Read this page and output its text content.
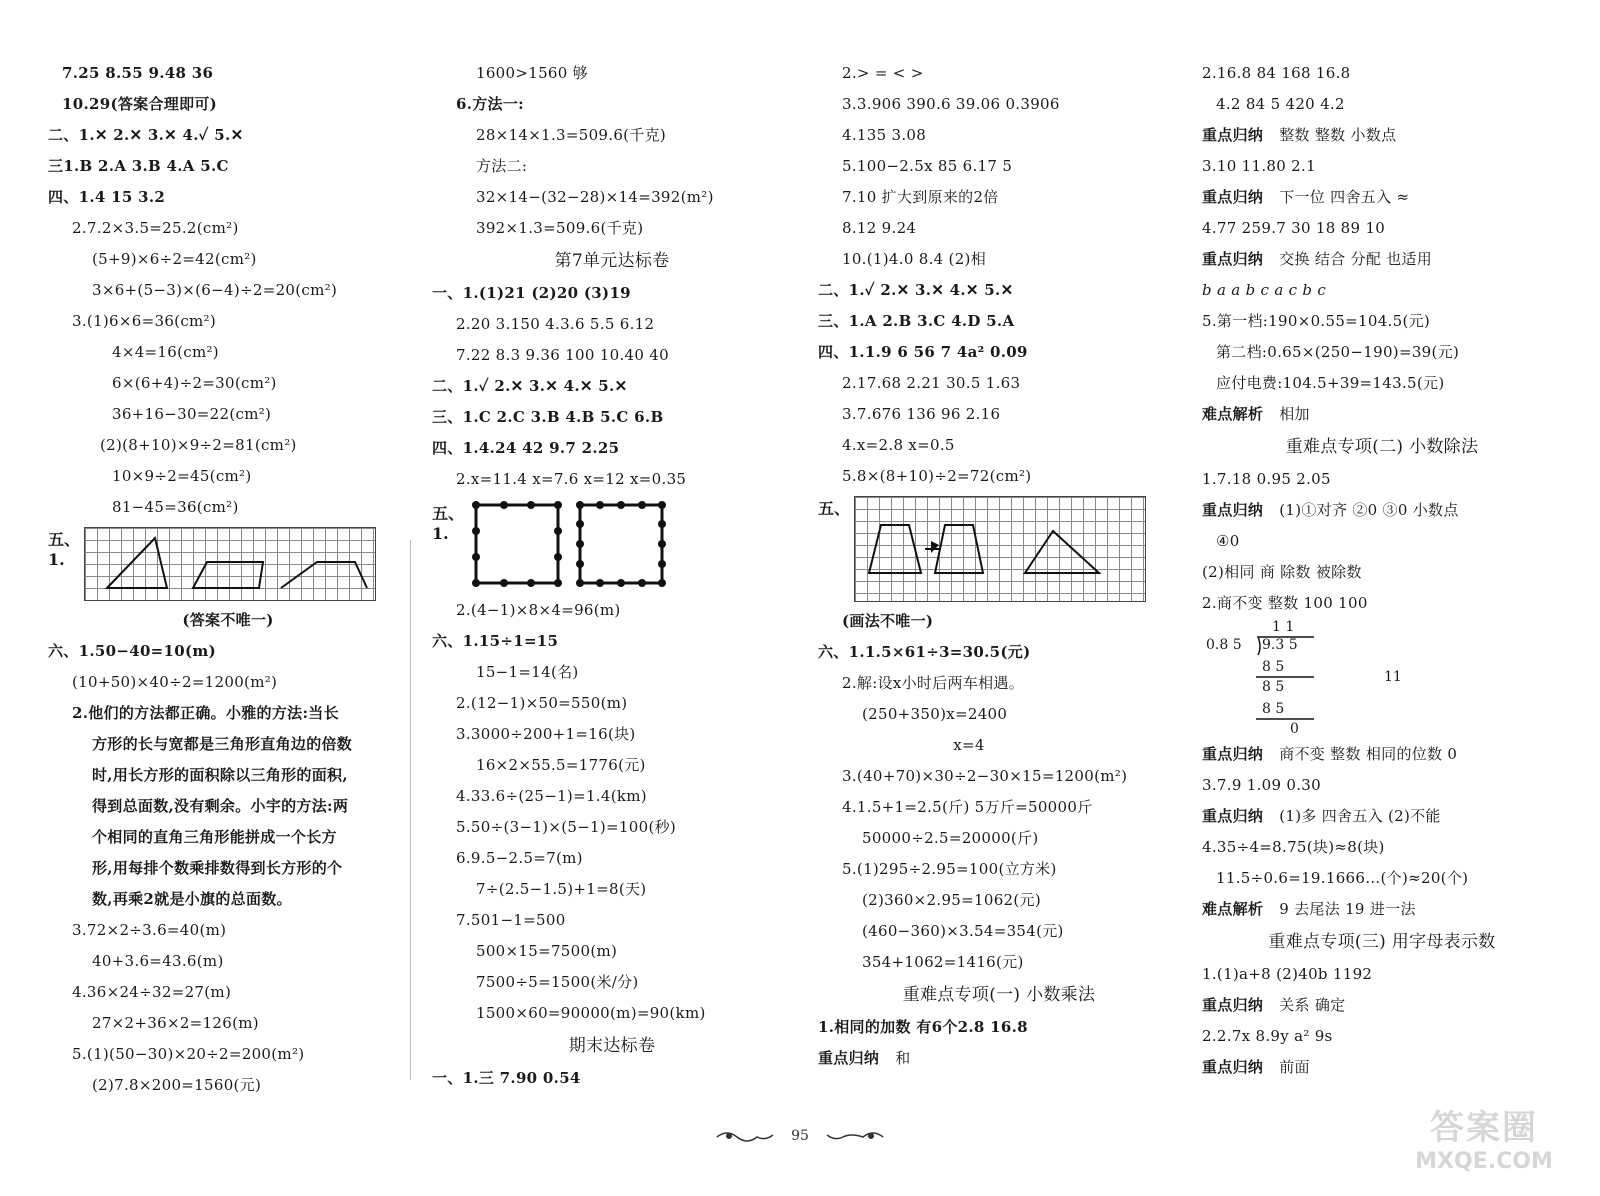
7.25 8.55 9.48 36
10.29(答案合理即可)
二、1.✕ 2.✕ 3.✕ 4.✓ 5.✕
三1.B 2.A 3.B 4.A 5.C
四、1.4 15 3.2
2.7.2×3.5=25.2(cm²)
(5+9)×6÷2=42(cm²)
3×6+(5−3)×(6−4)÷2=20(cm²)
3.(1)6×6=36(cm²)
4×4=16(cm²)
6×(6+4)÷2=30(cm²)
36+16−30=22(cm²)
(2)(8+10)×9÷2=81(cm²)
10×9÷2=45(cm²)
81−45=36(cm²)
五、1.
(答案不唯一)
六、1.50−40=10(m)
(10+50)×40÷2=1200(m²)
2.他们的方法都正确。小雅的方法:当长
方形的长与宽都是三角形直角边的倍数
时,用长方形的面积除以三角形的面积,
得到总面数,没有剩余。小宇的方法:两
个相同的直角三角形能拼成一个长方
形,用每排个数乘排数得到长方形的个
数,再乘2就是小旗的总面数。
3.72×2÷3.6=40(m)
40+3.6=43.6(m)
4.36×24÷32=27(m)
27×2+36×2=126(m)
5.(1)(50−30)×20÷2=200(m²)
(2)7.8×200=1560(元)
1600>1560 够
6.方法一:
28×14×1.3=509.6(千克)
方法二:
32×14−(32−28)×14=392(m²)
392×1.3=509.6(千克)
第7单元达标卷
一、1.(1)21 (2)20 (3)19
2.20 3.150 4.3.6 5.5 6.12
7.22 8.3 9.36 100 10.40 40
二、1.✓ 2.✕ 3.✕ 4.✕ 5.✕
三、1.C 2.C 3.B 4.B 5.C 6.B
四、1.4.24 42 9.7 2.25
2.x=11.4 x=7.6 x=12 x=0.35
五、1.
2.(4−1)×8×4=96(m)
六、1.15÷1=15
15−1=14(名)
2.(12−1)×50=550(m)
3.3000÷200+1=16(块)
16×2×55.5=1776(元)
4.33.6÷(25−1)=1.4(km)
5.50÷(3−1)×(5−1)=100(秒)
6.9.5−2.5=7(m)
7÷(2.5−1.5)+1=8(天)
7.501−1=500
500×15=7500(m)
7500÷5=1500(米/分)
1500×60=90000(m)=90(km)
期末达标卷
一、1.三 7.90 0.54
2.> = < >
3.3.906 390.6 39.06 0.3906
4.135 3.08
5.100−2.5x 85 6.17 5
7.10 扩大到原来的2倍
8.12 9.24
10.(1)4.0 8.4 (2)相
二、1.✓ 2.✕ 3.✕ 4.✕ 5.✕
三、1.A 2.B 3.C 4.D 5.A
四、1.1.9 6 56 7 4a² 0.09
2.17.68 2.21 30.5 1.63
3.7.676 136 96 2.16
4.x=2.8 x=0.5
5.8×(8+10)÷2=72(cm²)
五、
(画法不唯一)
六、1.1.5×61÷3=30.5(元)
2.解:设x小时后两车相遇。
(250+350)x=2400
x=4
3.(40+70)×30÷2−30×15=1200(m²)
4.1.5+1=2.5(斤) 5万斤=50000斤
50000÷2.5=20000(斤)
5.(1)295÷2.95=100(立方米)
(2)360×2.95=1062(元)
(460−360)×3.54=354(元)
354+1062=1416(元)
重难点专项(一) 小数乘法
1.相同的加数 有6个2.8 16.8
重点归纳 和
2.16.8 84 168 16.8
4.2 84 5 420 4.2
重点归纳 整数 整数 小数点
3.10 11.80 2.1
重点归纳 下一位 四舍五入 ≈
4.77 259.7 30 18 89 10
重点归纳 交换 结合 分配 也适用
b a a b c a c b c
5.第一档:190×0.55=104.5(元)
第二档:0.65×(250−190)=39(元)
应付电费:104.5+39=143.5(元)
难点解析 相加
重难点专项(二) 小数除法
1.7.18 0.95 2.05
重点归纳 (1)①对齐 ②0 ③0 小数点
④0
(2)相同 商 除数 被除数
2.商不变 整数 100 100
1 1
0.8 5 9.3 5
8 5
8 5
8 5
0
11
重点归纳 商不变 整数 相同的位数 0
3.7.9 1.09 0.30
重点归纳 (1)多 四舍五入 (2)不能
4.35÷4=8.75(块)≈8(块)
11.5÷0.6=19.1666…(个)≈20(个)
难点解析 9 去尾法 19 进一法
重难点专项(三) 用字母表示数
1.(1)a+8 (2)40b 1192
重点归纳 关系 确定
2.2.7x 8.9y a² 9s
重点归纳 前面
95	答案圈
MXQE.COM
